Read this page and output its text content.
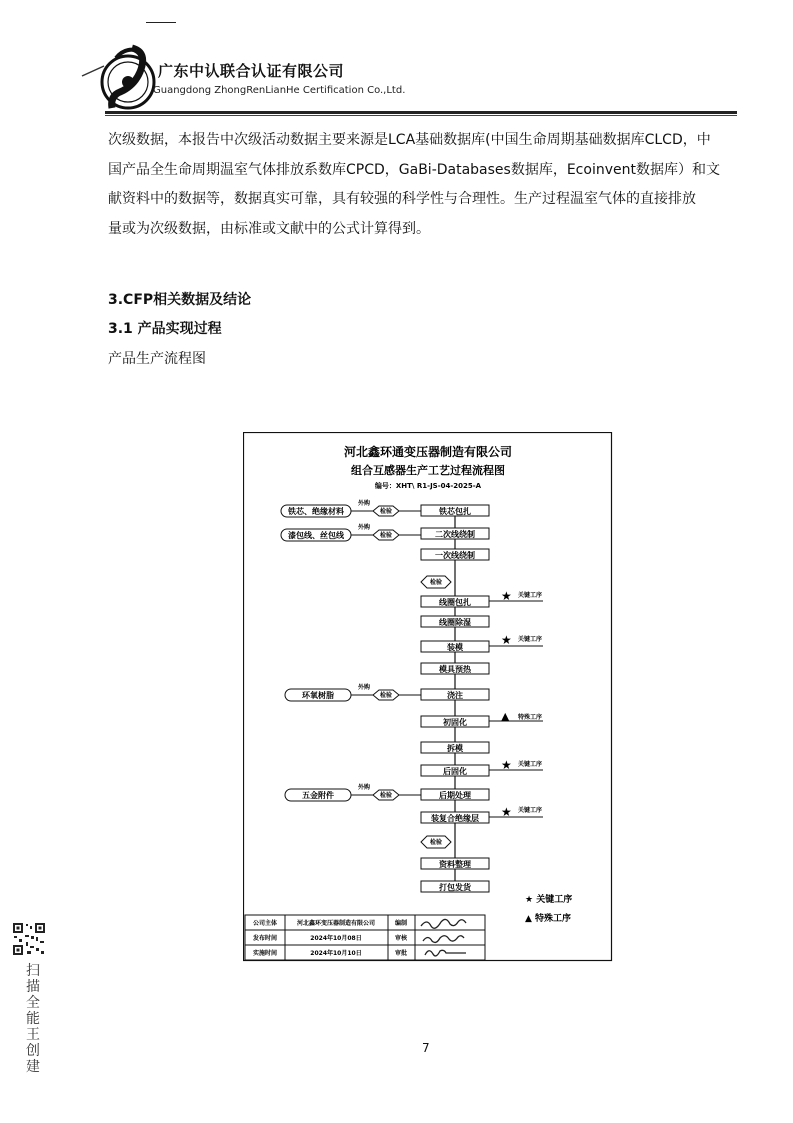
广东中认联合认证有限公司
Guangdong ZhongRenLianHe Certification Co.,Ltd.
次级数据，本报告中次级活动数据主要来源是LCA基础数据库(中国生命周期基础数据库CLCD，中
国产品全生命周期温室气体排放系数库CPCD，GaBi-Databases数据库，Ecoinvent数据库）和文
献资料中的数据等，数据真实可靠，具有较强的科学性与合理性。生产过程温室气体的直接排放
量或为次级数据，由标准或文献中的公式计算得到。
3.CFP相关数据及结论
3.1 产品实现过程
产品生产流程图
河北鑫环通变压器制造有限公司
组合互感器生产工艺过程流程图
编号：XHT\ R1-JS-04-2025-A
铁芯包扎
二次线绕制
一次线绕制
线圈包扎
线圈除湿
装模
模具预热
浇注
初固化
拆模
后固化
后期处理
装复合绝缘层
资料整理
打包发货
检验
检验
铁芯、绝缘材料	检验
外购
漆包线、丝包线	检验
外购
环氧树脂	检验
外购
五金附件	检验
外购
★ 关键工序
★ 关键工序
▲ 特殊工序
★ 关键工序
★ 关键工序
★ 关键工序
▲ 特殊工序
公司主体	河北鑫环变压器制造有限公司	编制
发布时间	2024年10月08日	审核
实施时间	2024年10月10日	审批
扫
描
全
能
王
创
建
7
